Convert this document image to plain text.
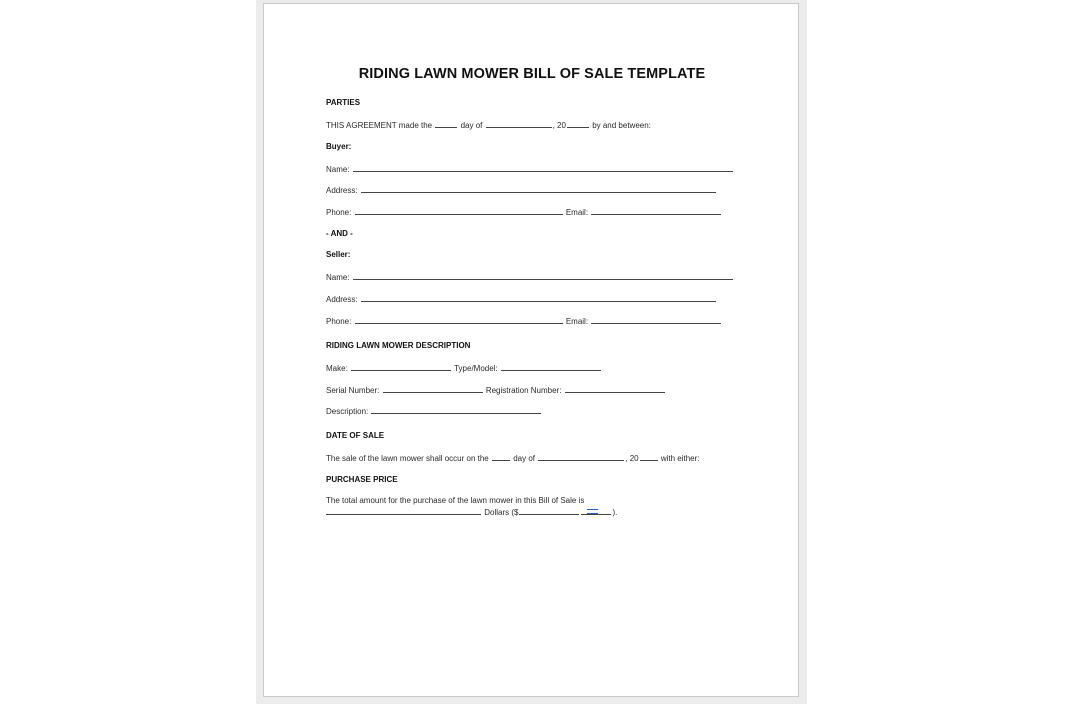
RIDING LAWN MOWER BILL OF SALE TEMPLATE
PARTIES
THIS AGREEMENT made the	day of	, 20	by and between:
Buyer:
Name:
Address:
Phone:	Email:
- AND -
Seller:
Name:
Address:
Phone:	Email:
RIDING LAWN MOWER DESCRIPTION
Make:	Type/Model:
Serial Number:	Registration Number:
Description:
DATE OF SALE
The sale of the lawn mower shall occur on the	day of	, 20	with either:
PURCHASE PRICE
The total amount for the purchase of the lawn mower in this Bill of Sale is
Dollars ($	).
